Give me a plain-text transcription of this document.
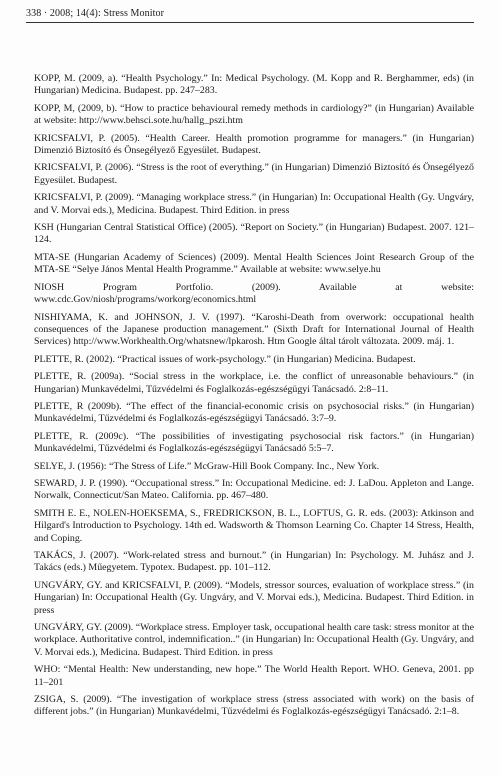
338 · 2008; 14(4): Stress Monitor

KOPP, M. (2009, a). “Health Psychology.” In: Medical Psychology. (M. Kopp and R. Berghammer, eds) (in Hungarian) Medicina. Budapest. pp. 247–283.

KOPP, M, (2009, b). “How to practice behavioural remedy methods in cardiology?” (in Hungarian) Available at website: http://www.behsci.sote.hu/hallg_pszi.htm

KRICSFALVI, P. (2005). “Health Career. Health promotion programme for managers.” (in Hungarian) Dimenzió Biztosító és Önsegélyező Egyesület. Budapest.

KRICSFALVI, P. (2006). “Stress is the root of everything.” (in Hungarian) Dimenzió Biztosító és Önsegélyező Egyesület. Budapest.

KRICSFALVI, P. (2009). “Managing workplace stress.” (in Hungarian) In: Occupational Health (Gy. Ungváry, and V. Morvai eds.), Medicina. Budapest. Third Edition. in press

KSH (Hungarian Central Statistical Office) (2005). “Report on Society.” (in Hungarian) Budapest. 2007. 121–124.

MTA-SE (Hungarian Academy of Sciences) (2009). Mental Health Sciences Joint Research Group of the MTA-SE “Selye János Mental Health Programme.” Available at website: www.selye.hu

NIOSH Program Portfolio. (2009). Available at website: www.cdc.Gov/niosh/programs/workorg/economics.html

NISHIYAMA, K. and JOHNSON, J. V. (1997). “Karoshi-Death from overwork: occupational health consequences of the Japanese production management.” (Sixth Draft for International Journal of Health Services) http://www.Workhealth.Org/whatsnew/lpkarosh. Htm Google által tárolt változata. 2009. máj. 1.

PLETTE, R. (2002). “Practical issues of work-psychology.” (in Hungarian) Medicina. Budapest.

PLETTE, R. (2009a). “Social stress in the workplace, i.e. the conflict of unreasonable behaviours.” (in Hungarian) Munkavédelmi, Tűzvédelmi és Foglalkozás-egészségügyi Tanácsadó. 2:8–11.

PLETTE, R (2009b). “The effect of the financial-economic crisis on psychosocial risks.” (in Hungarian) Munkavédelmi, Tűzvédelmi és Foglalkozás-egészségügyi Tanácsadó. 3:7–9.

PLETTE, R. (2009c). “The possibilities of investigating psychosocial risk factors.” (in Hungarian) Munkavédelmi, Tűzvédelmi és Foglalkozás-egészségügyi Tanácsadó 5:5–7.

SELYE, J. (1956): “The Stress of Life.” McGraw-Hill Book Company. Inc., New York.

SEWARD, J. P. (1990). “Occupational stress.” In: Occupational Medicine. ed: J. LaDou. Appleton and Lange. Norwalk, Connecticut/San Mateo. California. pp. 467–480.

SMITH E. E., NOLEN-HOEKSEMA, S., FREDRICKSON, B. L., LOFTUS, G. R. eds. (2003): Atkinson and Hilgard's Introduction to Psychology. 14th ed. Wadsworth & Thomson Learning Co. Chapter 14 Stress, Health, and Coping.

TAKÁCS, J. (2007). “Work-related stress and burnout.” (in Hungarian) In: Psychology. M. Juhász and J. Takács (eds.) Műegyetem. Typotex. Budapest. pp. 101–112.

UNGVÁRY, GY. and KRICSFALVI, P. (2009). “Models, stressor sources, evaluation of workplace stress.” (in Hungarian) In: Occupational Health (Gy. Ungváry, and V. Morvai eds.), Medicina. Budapest. Third Edition. in press

UNGVÁRY, GY. (2009). “Workplace stress. Employer task, occupational health care task: stress monitor at the workplace. Authoritative control, indemnification..” (in Hungarian) In: Occupational Health (Gy. Ungváry, and V. Morvai eds.), Medicina. Budapest. Third Edition. in press

WHO: “Mental Health: New understanding, new hope.” The World Health Report. WHO. Geneva, 2001. pp 11–201

ZSIGA, S. (2009). “The investigation of workplace stress (stress associated with work) on the basis of different jobs.” (in Hungarian) Munkavédelmi, Tűzvédelmi és Foglalkozás-egészségügyi Tanácsadó. 2:1–8.
